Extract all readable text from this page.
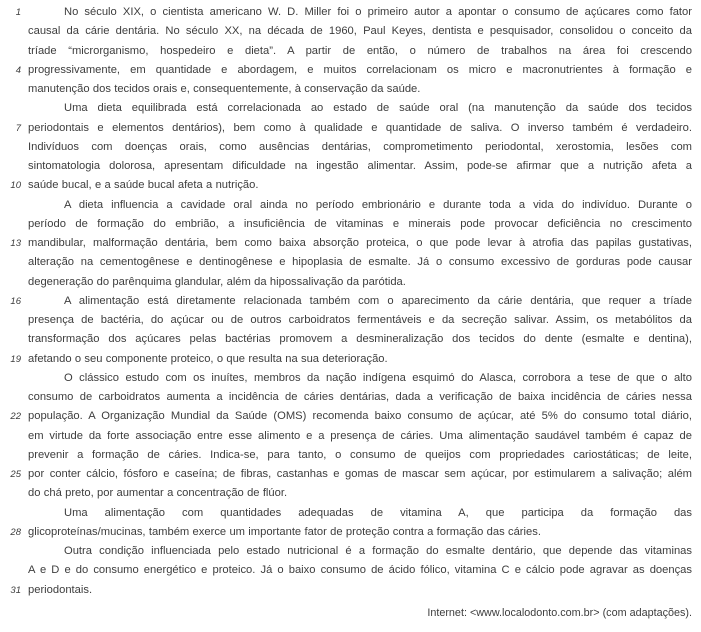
1	No século XIX, o cientista americano W. D. Miller foi o primeiro autor a apontar o consumo de açúcares como fator
causal da cárie dentária. No século XX, na década de 1960, Paul Keyes, dentista e pesquisador, consolidou o conceito da
tríade “microrganismo, hospedeiro e dieta”. A partir de então, o número de trabalhos na área foi crescendo
4 progressivamente, em quantidade e abordagem, e muitos correlacionam os micro e macronutrientes à formação e
manutenção dos tecidos orais e, consequentemente, à conservação da saúde.
Uma dieta equilibrada está correlacionada ao estado de saúde oral (na manutenção da saúde dos tecidos
7 periodontais e elementos dentários), bem como à qualidade e quantidade de saliva. O inverso também é verdadeiro.
Indivíduos com doenças orais, como ausências dentárias, comprometimento periodontal, xerostomia, lesões com
sintomatologia dolorosa, apresentam dificuldade na ingestão alimentar. Assim, pode-se afirmar que a nutrição afeta a
10 saúde bucal, e a saúde bucal afeta a nutrição.
A dieta influencia a cavidade oral ainda no período embrionário e durante toda a vida do indivíduo. Durante o
período de formação do embrião, a insuficiência de vitaminas e minerais pode provocar deficiência no crescimento
13 mandibular, malformação dentária, bem como baixa absorção proteica, o que pode levar à atrofia das papilas gustativas,
alteração na cementogênese e dentinogênese e hipoplasia de esmalte. Já o consumo excessivo de gorduras pode causar
degeneração do parênquima glandular, além da hipossalivação da parótida.
16	A alimentação está diretamente relacionada também com o aparecimento da cárie dentária, que requer a tríade
presença de bactéria, do açúcar ou de outros carboidratos fermentáveis e da secreção salivar. Assim, os metabólitos da
transformação dos açúcares pelas bactérias promovem a desmineralização dos tecidos do dente (esmalte e dentina),
19 afetando o seu componente proteico, o que resulta na sua deterioração.
O clássico estudo com os inuítes, membros da nação indígena esquimó do Alasca, corrobora a tese de que o alto
consumo de carboidratos aumenta a incidência de cáries dentárias, dada a verificação de baixa incidência de cáries nessa
22 população. A Organização Mundial da Saúde (OMS) recomenda baixo consumo de açúcar, até 5% do consumo total diário,
em virtude da forte associação entre esse alimento e a presença de cáries. Uma alimentação saudável também é capaz de
prevenir a formação de cáries. Indica-se, para tanto, o consumo de queijos com propriedades cariostáticas; de leite,
25 por conter cálcio, fósforo e caseína; de fibras, castanhas e gomas de mascar sem açúcar, por estimularem a salivação; além
do chá preto, por aumentar a concentração de flúor.
Uma alimentação com quantidades adequadas de vitamina A, que participa da formação das
28 glicoproteínas/mucinas, também exerce um importante fator de proteção contra a formação das cáries.
Outra condição influenciada pelo estado nutricional é a formação do esmalte dentário, que depende das vitaminas
A e D e do consumo energético e proteico. Já o baixo consumo de ácido fólico, vitamina C e cálcio pode agravar as doenças
31 periodontais.
Internet: <www.localodonto.com.br> (com adaptações).
